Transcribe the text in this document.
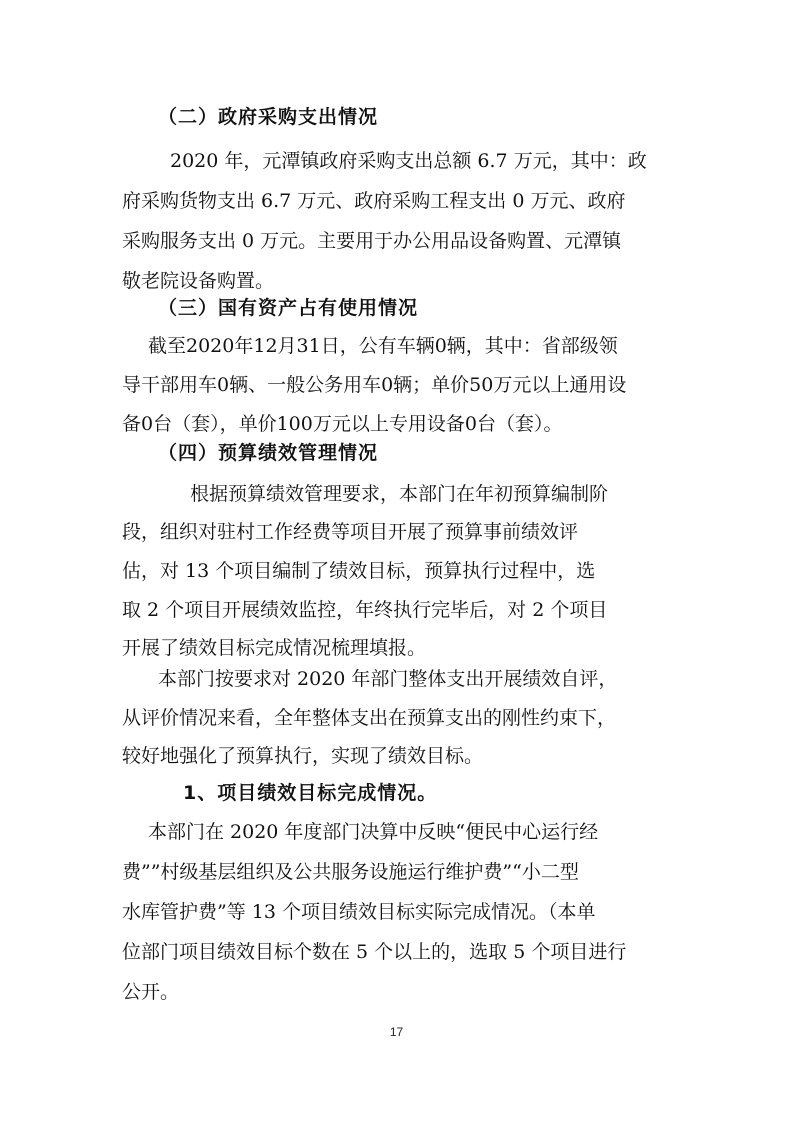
（二）政府采购支出情况

2020 年，元潭镇政府采购支出总额 6.7 万元，其中：政

府采购货物支出 6.7 万元、政府采购工程支出 0 万元、政府

采购服务支出 0 万元。主要用于办公用品设备购置、元潭镇

敬老院设备购置。

（三）国有资产占有使用情况

截至2020年12月31日，公有车辆0辆，其中：省部级领

导干部用车0辆、一般公务用车0辆；单价50万元以上通用设

备0台（套），单价100万元以上专用设备0台（套）。

（四）预算绩效管理情况

根据预算绩效管理要求，本部门在年初预算编制阶

段，组织对驻村工作经费等项目开展了预算事前绩效评

估，对 13 个项目编制了绩效目标，预算执行过程中，选

取 2 个项目开展绩效监控，年终执行完毕后，对 2 个项目

开展了绩效目标完成情况梳理填报。

本部门按要求对 2020 年部门整体支出开展绩效自评，

从评价情况来看，全年整体支出在预算支出的刚性约束下，

较好地强化了预算执行，实现了绩效目标。

1、项目绩效目标完成情况。

本部门在 2020 年度部门决算中反映“便民中心运行经

费””村级基层组织及公共服务设施运行维护费”“小二型

水库管护费”等 13 个项目绩效目标实际完成情况。（本单

位部门项目绩效目标个数在 5 个以上的，选取 5 个项目进行

公开。

17
